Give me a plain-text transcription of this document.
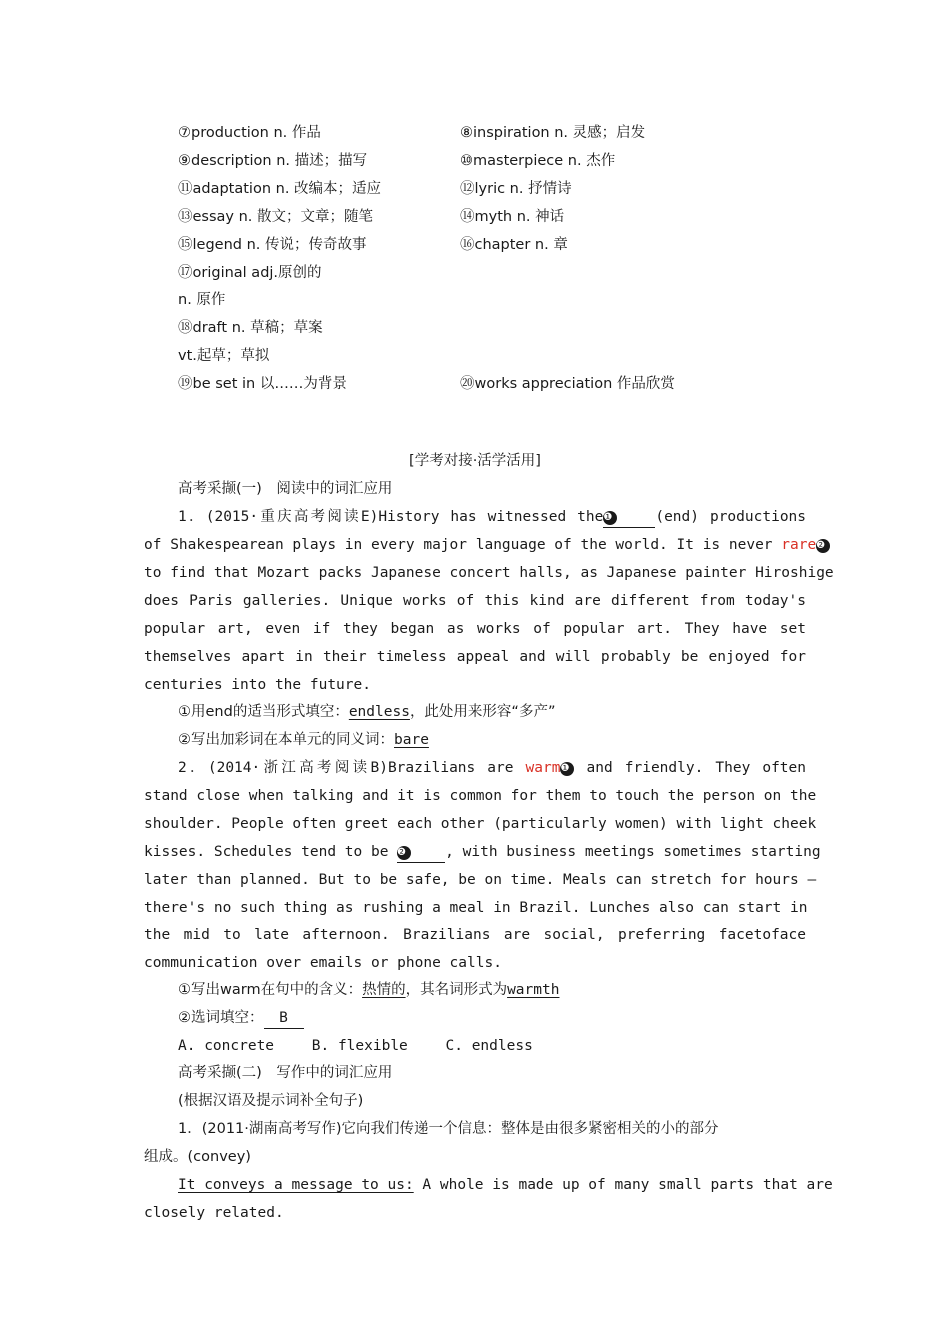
⑦production n. 作品	⑧inspiration n. 灵感；启发
⑨description n. 描述；描写	⑩masterpiece n. 杰作
⑪adaptation n. 改编本；适应	⑫lyric n. 抒情诗
⑬essay n. 散文；文章；随笔	⑭myth n. 神话
⑮legend n. 传说；传奇故事	⑯chapter n. 章
⑰original adj.原创的
n. 原作
⑱draft n. 草稿；草案
vt.起草；草拟
⑲be set in 以……为背景	⑳works appreciation 作品欣赏
[学考对接·活学活用]
高考采撷(一)　阅读中的词汇应用
1．(2015·重庆高考阅读E)History has witnessed the❶	(end) productions
of Shakespearean plays in every major language of the world. It is never rare❷
to find that Mozart packs Japanese concert halls, as Japanese painter Hiroshige
does Paris galleries. Unique works of this kind are different from today's
popular art, even if they began as works of popular art. They have set
themselves apart in their timeless appeal and will probably be enjoyed for
centuries into the future.
①用end的适当形式填空：endless，此处用来形容“多产”
②写出加彩词在本单元的同义词：bare
2．(2014·浙江高考阅读B)Brazilians are warm❶ and friendly. They often
stand close when talking and it is common for them to touch the person on the
shoulder. People often greet each other (particularly women) with light cheek
kisses. Schedules tend to be ❷	, with business meetings sometimes starting
later than planned. But to be safe, be on time. Meals can stretch for hours —
there's no such thing as rushing a meal in Brazil. Lunches also can start in
the mid to late afternoon. Brazilians are social, preferring facetoface
communication over emails or phone calls.
①写出warm在句中的含义：热情的，其名词形式为warmth
②选词填空： B
A. concrete　　 B. flexible　　 C. endless
高考采撷(二)　写作中的词汇应用
(根据汉语及提示词补全句子)
1．(2011·湖南高考写作)它向我们传递一个信息：整体是由很多紧密相关的小的部分
组成。(convey)
It conveys a message to us: A whole is made up of many small parts that are
closely related.
